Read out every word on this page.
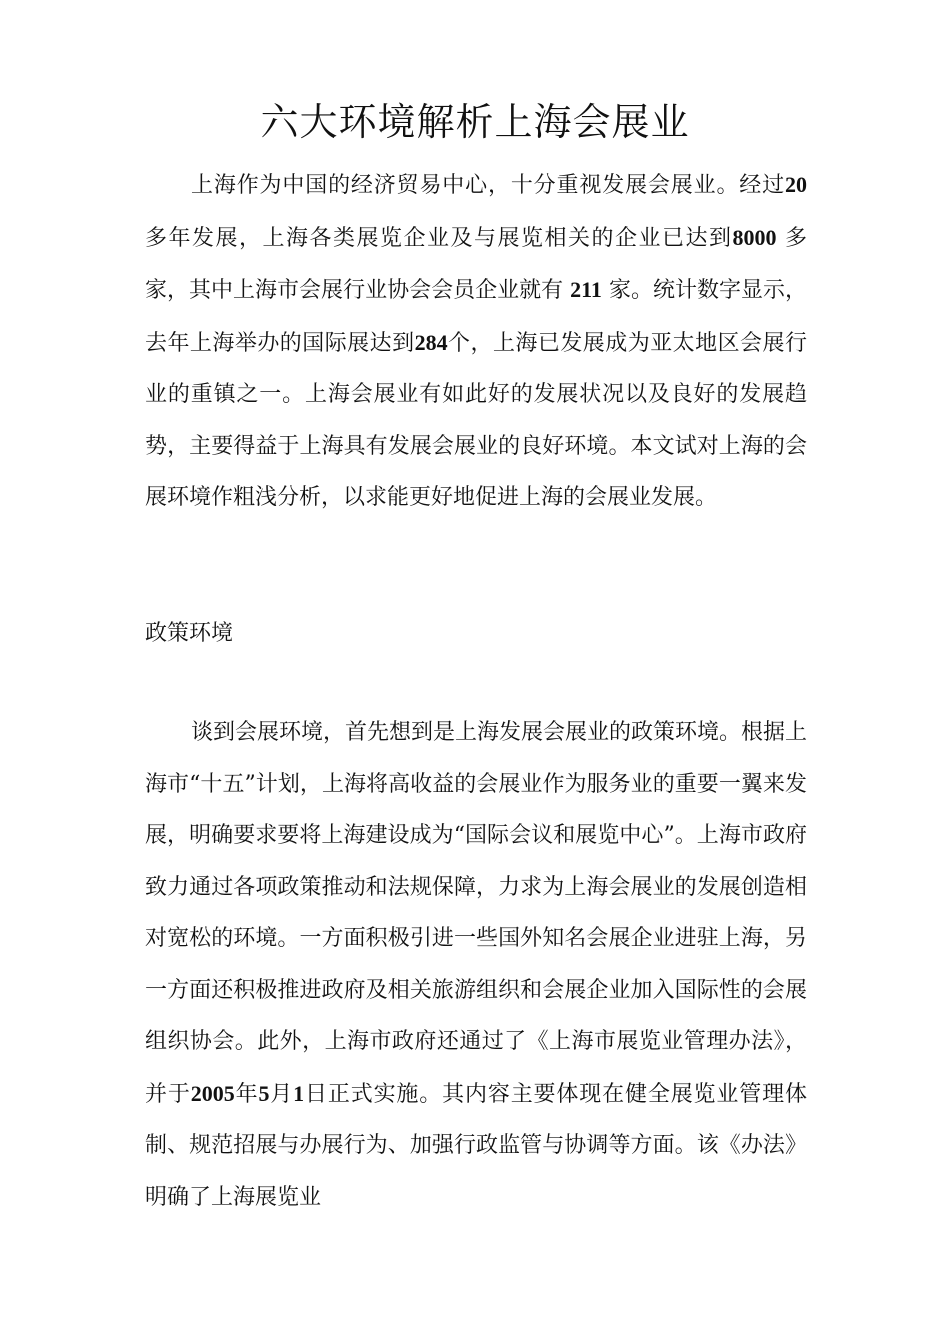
六大环境解析上海会展业

上海作为中国的经济贸易中心，十分重视发展会展业。经过20 多年发展，上海各类展览企业及与展览相关的企业已达到8000 多家，其中上海市会展行业协会会员企业就有 211 家。统计数字显示，去年上海举办的国际展达到284个，上海已发展成为亚太地区会展行业的重镇之一。上海会展业有如此好的发展状况以及良好的发展趋势，主要得益于上海具有发展会展业的良好环境。本文试对上海的会展环境作粗浅分析，以求能更好地促进上海的会展业发展。

政策环境

谈到会展环境，首先想到是上海发展会展业的政策环境。根据上海市“十五”计划，上海将高收益的会展业作为服务业的重要一翼来发展，明确要求要将上海建设成为“国际会议和展览中心”。上海市政府致力通过各项政策推动和法规保障，力求为上海会展业的发展创造相对宽松的环境。一方面积极引进一些国外知名会展企业进驻上海，另一方面还积极推进政府及相关旅游组织和会展企业加入国际性的会展组织协会。此外，上海市政府还通过了《上海市展览业管理办法》，并于2005年5月1日正式实施。其内容主要体现在健全展览业管理体制、规范招展与办展行为、加强行政监管与协调等方面。该《办法》明确了上海展览业
